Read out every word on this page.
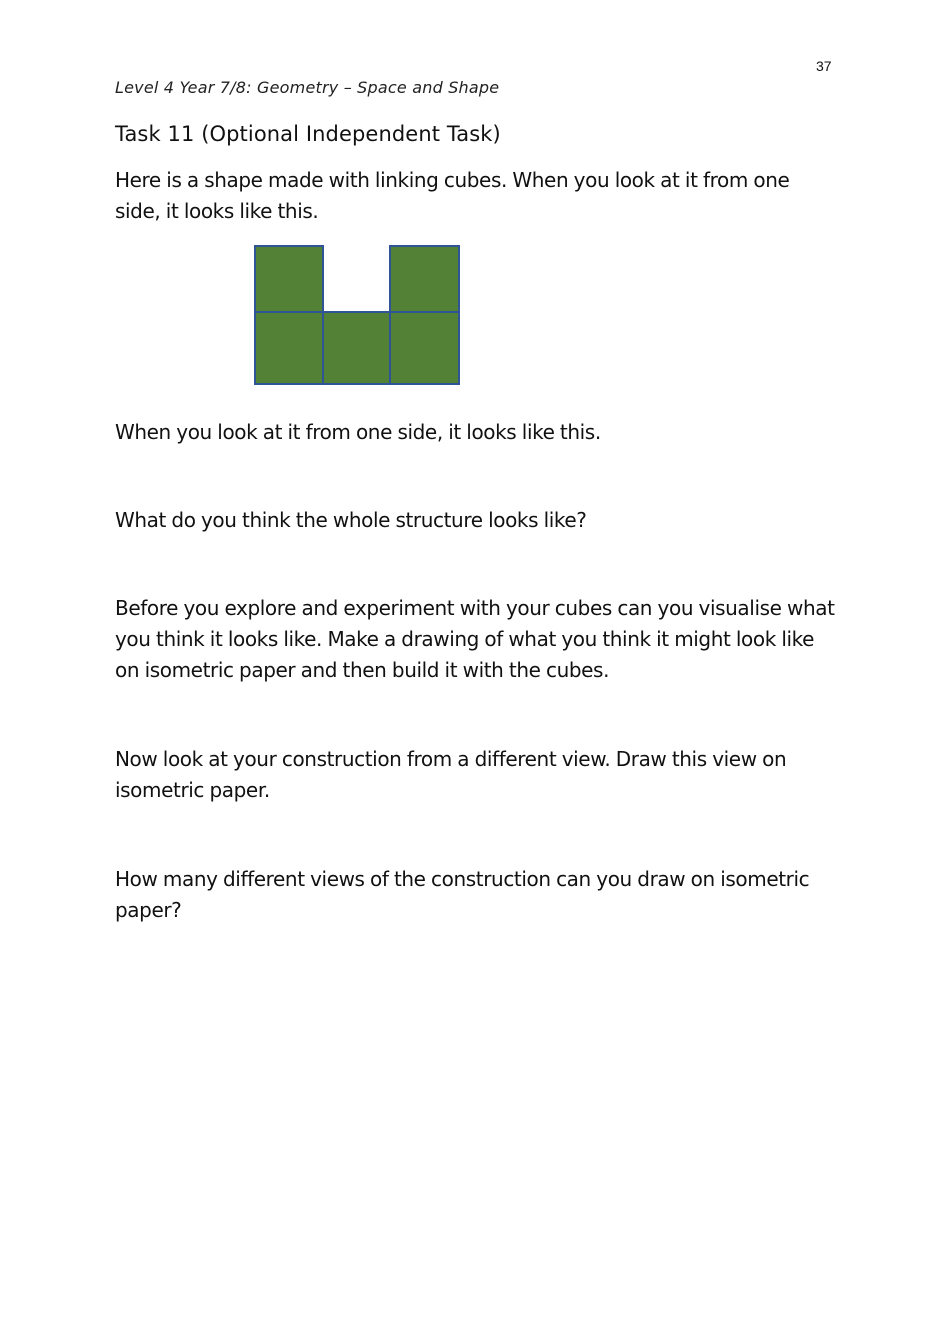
37
Level 4 Year 7/8: Geometry – Space and Shape
Task 11 (Optional Independent Task)
Here is a shape made with linking cubes. When you look at it from one side, it looks like this.
When you look at it from one side, it looks like this.
What do you think the whole structure looks like?
Before you explore and experiment with your cubes can you visualise what you think it looks like. Make a drawing of what you think it might look like on isometric paper and then build it with the cubes.
Now look at your construction from a different view. Draw this view on isometric paper.
How many different views of the construction can you draw on isometric paper?
